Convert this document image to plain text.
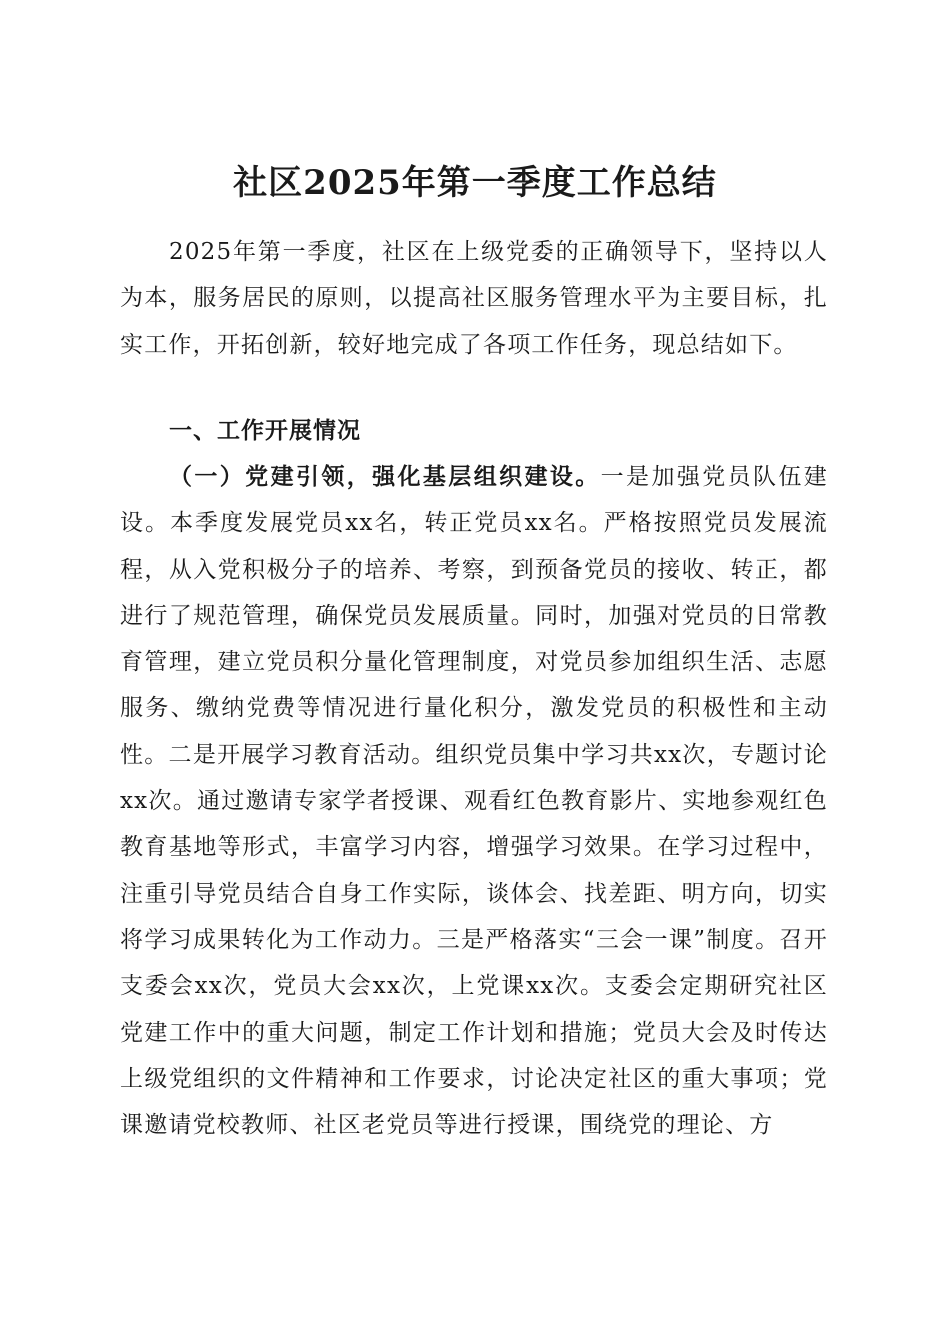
社区2025年第一季度工作总结

2025年第一季度，社区在上级党委的正确领导下，坚持以人为本，服务居民的原则，以提高社区服务管理水平为主要目标，扎实工作，开拓创新，较好地完成了各项工作任务，现总结如下。

一、工作开展情况

（一）党建引领，强化基层组织建设。一是加强党员队伍建设。本季度发展党员xx名，转正党员xx名。严格按照党员发展流程，从入党积极分子的培养、考察，到预备党员的接收、转正，都进行了规范管理，确保党员发展质量。同时，加强对党员的日常教育管理，建立党员积分量化管理制度，对党员参加组织生活、志愿服务、缴纳党费等情况进行量化积分，激发党员的积极性和主动性。二是开展学习教育活动。组织党员集中学习共xx次，专题讨论xx次。通过邀请专家学者授课、观看红色教育影片、实地参观红色教育基地等形式，丰富学习内容，增强学习效果。在学习过程中，注重引导党员结合自身工作实际，谈体会、找差距、明方向，切实将学习成果转化为工作动力。三是严格落实“三会一课”制度。召开支委会xx次，党员大会xx次，上党课xx次。支委会定期研究社区党建工作中的重大问题，制定工作计划和措施；党员大会及时传达上级党组织的文件精神和工作要求，讨论决定社区的重大事项；党课邀请党校教师、社区老党员等进行授课，围绕党的理论、方
